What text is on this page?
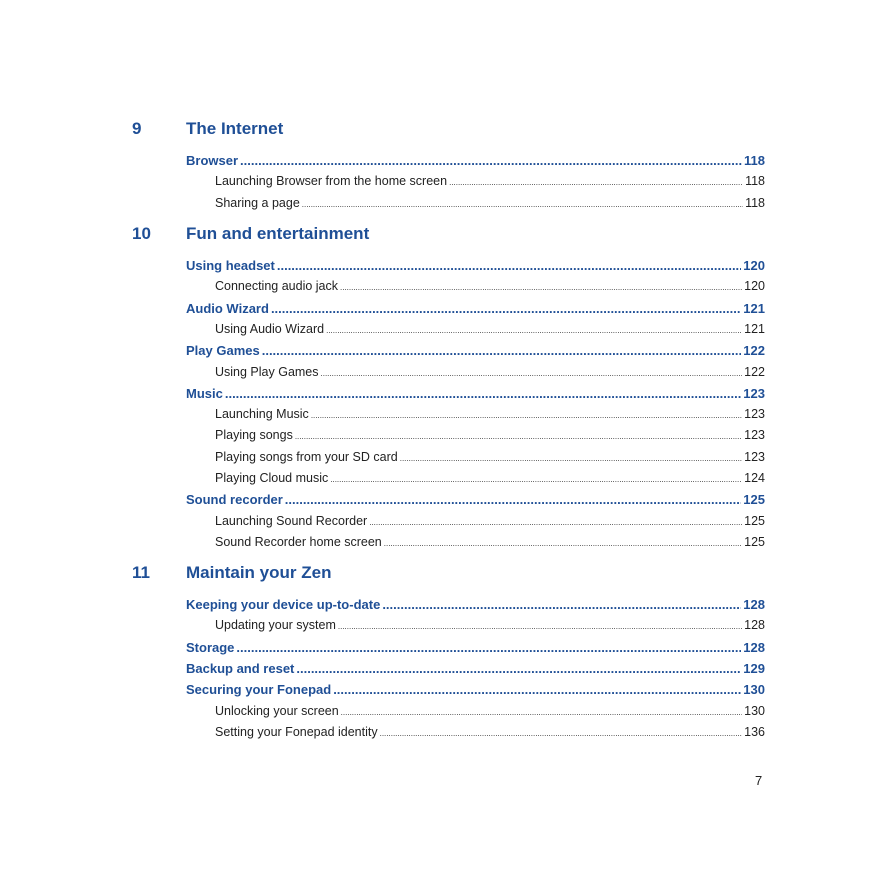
9	The Internet
Browser .....	118
Launching Browser from the home screen .....	118
Sharing a page .....	118
10 Fun and entertainment
Using headset .....	120
Connecting audio jack .....	120
Audio Wizard .....	121
Using Audio Wizard .....	121
Play Games .....	122
Using Play Games .....	122
Music .....	123
Launching Music .....	123
Playing songs .....	123
Playing songs from your SD card .....	123
Playing Cloud music .....	124
Sound recorder .....	125
Launching Sound Recorder .....	125
Sound Recorder home screen .....	125
11 Maintain your Zen
Keeping your device up-to-date .....	128
Updating your system .....	128
Storage .....	128
Backup and reset .....	129
Securing your Fonepad .....	130
Unlocking your screen .....	130
Setting your Fonepad identity .....	136
7
